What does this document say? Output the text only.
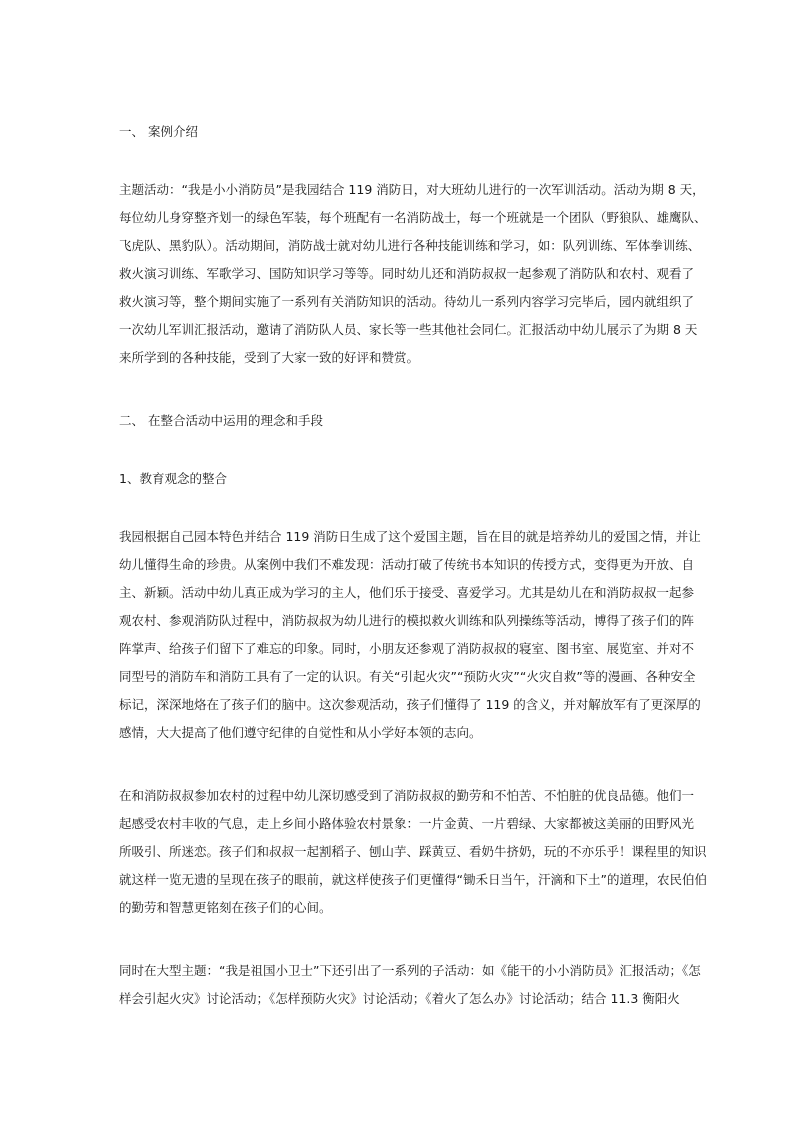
一、 案例介绍
主题活动：“我是小小消防员”是我园结合 119 消防日，对大班幼儿进行的一次军训活动。活动为期 8 天，
每位幼儿身穿整齐划一的绿色军装，每个班配有一名消防战士，每一个班就是一个团队（野狼队、雄鹰队、
飞虎队、黑豹队）。活动期间，消防战士就对幼儿进行各种技能训练和学习，如：队列训练、军体拳训练、
救火演习训练、军歌学习、国防知识学习等等。同时幼儿还和消防叔叔一起参观了消防队和农村、观看了
救火演习等，整个期间实施了一系列有关消防知识的活动。待幼儿一系列内容学习完毕后，园内就组织了
一次幼儿军训汇报活动，邀请了消防队人员、家长等一些其他社会同仁。汇报活动中幼儿展示了为期 8 天
来所学到的各种技能，受到了大家一致的好评和赞赏。
二、 在整合活动中运用的理念和手段
1、教育观念的整合
我园根据自己园本特色并结合 119 消防日生成了这个爱国主题，旨在目的就是培养幼儿的爱国之情，并让
幼儿懂得生命的珍贵。从案例中我们不难发现：活动打破了传统书本知识的传授方式，变得更为开放、自
主、新颖。活动中幼儿真正成为学习的主人，他们乐于接受、喜爱学习。尤其是幼儿在和消防叔叔一起参
观农村、参观消防队过程中，消防叔叔为幼儿进行的模拟救火训练和队列操练等活动，博得了孩子们的阵
阵掌声、给孩子们留下了难忘的印象。同时，小朋友还参观了消防叔叔的寝室、图书室、展览室、并对不
同型号的消防车和消防工具有了一定的认识。有关“引起火灾”“预防火灾”“火灾自救”等的漫画、各种安全
标记，深深地烙在了孩子们的脑中。这次参观活动，孩子们懂得了 119 的含义，并对解放军有了更深厚的
感情，大大提高了他们遵守纪律的自觉性和从小学好本领的志向。
在和消防叔叔参加农村的过程中幼儿深切感受到了消防叔叔的勤劳和不怕苦、不怕脏的优良品德。他们一
起感受农村丰收的气息，走上乡间小路体验农村景象：一片金黄、一片碧绿、大家都被这美丽的田野风光
所吸引、所迷恋。孩子们和叔叔一起割稻子、刨山芋、踩黄豆、看奶牛挤奶，玩的不亦乐乎！课程里的知识
就这样一览无遗的呈现在孩子的眼前，就这样使孩子们更懂得“锄禾日当午，汗滴和下土”的道理，农民伯伯
的勤劳和智慧更铭刻在孩子们的心间。
同时在大型主题：“我是祖国小卫士”下还引出了一系列的子活动：如《能干的小小消防员》汇报活动；《怎
样会引起火灾》讨论活动；《怎样预防火灾》讨论活动；《着火了怎么办》讨论活动；结合 11.3 衡阳火
